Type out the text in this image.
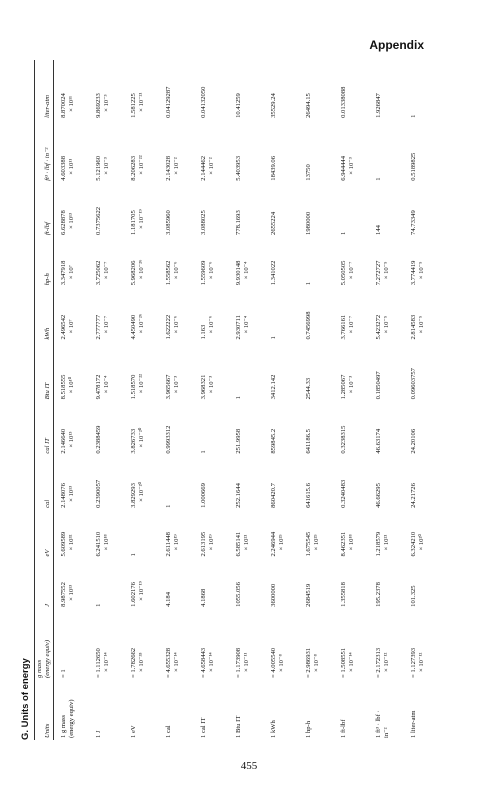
Appendix
G. Units of energy Units	g mass (energy equiv)	J	eV	cal	cal IT	Btu IT	kWh	hp-h	ft-lbf	ft³ · lbf · in⁻²	liter-atm

1 g mass (energy equiv)	= 1	8.987552 × 10¹³	5.609589 × 10³²	2.148076 × 10¹³	2.146640 × 10¹³	8.518555 × 10¹⁰	2.496542 × 10⁷	3.347918 × 10⁷	6.628878 × 10¹³	4.603388 × 10¹¹	8.870024 × 10¹¹

1 J	= 1.112650 × 10⁻¹⁴	1	6.241510 × 10¹⁸	0.2390057	0.2388459	9.478172 × 10⁻⁴	2.777777 × 10⁻⁷	3.725062 × 10⁻⁷	0.7375622	5.121960 × 10⁻³	9.869233 × 10⁻³

1 eV	= 1.782662 × 10⁻³³	1.602176 × 10⁻¹⁹	1	3.829293 × 10⁻²⁰	3.826733 × 10⁻²⁰	1.518570 × 10⁻²²	4.450490 × 10⁻²⁶	5.968206 × 10⁻²⁶	1.181705 × 10⁻¹⁹	8.206283 × 10⁻²²	1.581225 × 10⁻²¹

1 cal	= 4.655328 × 10⁻¹⁴	4.184	2.611448 × 10¹⁹	1	0.9993312	3.965667 × 10⁻³	1.622222 × 10⁻⁶	1.558562 × 10⁻⁶	3.085960	2.143028 × 10⁻²	0.04129287

1 cal IT	= 4.658443 × 10⁻¹⁴	4.1868	2.613195 × 10¹⁹	1.000669	1	3.968321 × 10⁻³	1.163 × 10⁻⁶	1.559609 × 10⁻⁶	3.088025	2.144462 × 10⁻²	0.04132050

1 Btu IT	= 1.173908 × 10⁻¹¹	1055.056	6.585141 × 10²¹	252.1644	251.9958	1	2.930711 × 10⁻⁴	9.930148 × 10⁻⁴	778.1693	5.403953	10.41259

1 kWh	= 4.005540 × 10⁻⁸	3600000	2.246944 × 10²⁵	860420.7	859845.2	3412.142	1	1.341022	2655224	18439.06	35529.24

1 hp-h	= 2.986931 × 10⁻⁸	2684519	1.675545 × 10²⁵	641615.6	641186.5	2544.33	0.7456998	1	1980000	13750	26494.15

1 ft-lbf	= 1.508551 × 10⁻¹⁴	1.355818	8.462351 × 10¹⁸	0.3240483	0.3238315	1.285067 × 10⁻³	3.766161 × 10⁻⁷	5.050505 × 10⁻⁷	1	6.944444 × 10⁻³	0.01338088

1 ft³ · lbf · in⁻²	= 2.172313 × 10⁻¹²	195.2378	1.218579 × 10²¹	46.66295	46.63174	0.1850497	5.423272 × 10⁻⁵	7.272727 × 10⁻⁵	144	1	1.926847

1 liter-atm	= 1.127393 × 10⁻¹²	101.325	6.324210 × 10²⁰	24.21726	24.20106	0.09603757	2.814583 × 10⁻⁵	3.774419 × 10⁻⁵	74.73349	0.5189825	1
455
